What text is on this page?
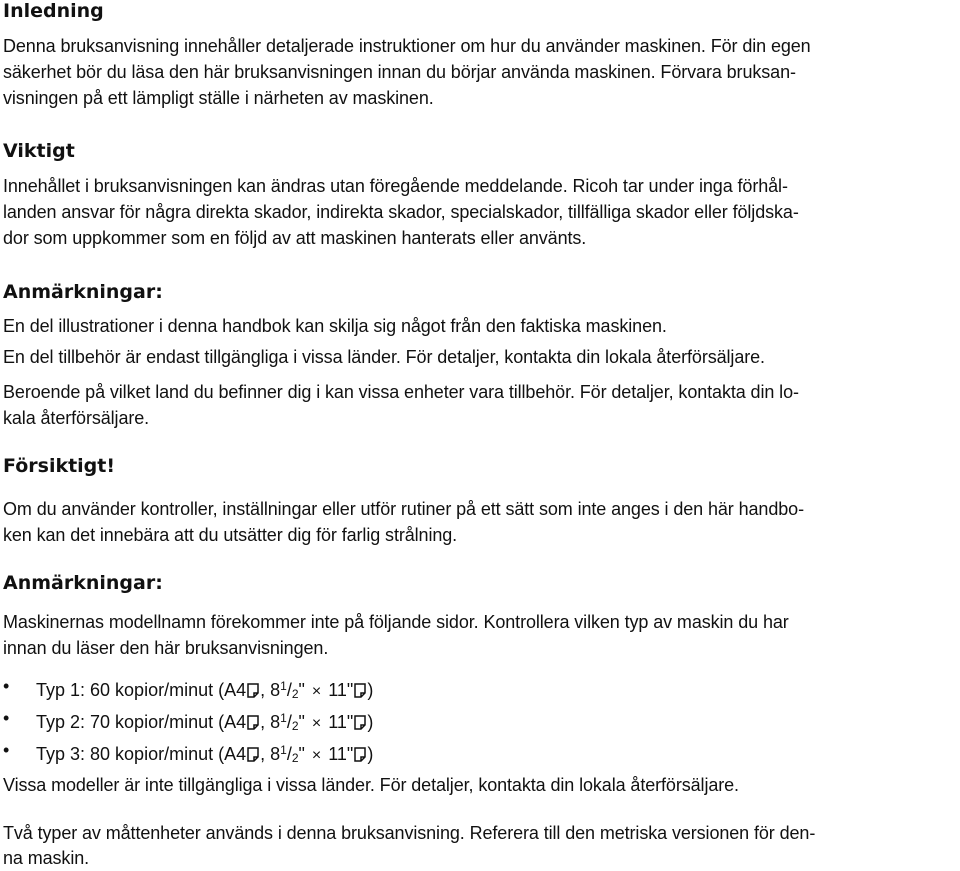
Inledning

Denna bruksanvisning innehåller detaljerade instruktioner om hur du använder maskinen. För din egen

säkerhet bör du läsa den här bruksanvisningen innan du börjar använda maskinen. Förvara bruksan-

visningen på ett lämpligt ställe i närheten av maskinen.

Viktigt

Innehållet i bruksanvisningen kan ändras utan föregående meddelande. Ricoh tar under inga förhål-

landen ansvar för några direkta skador, indirekta skador, specialskador, tillfälliga skador eller följdska-

dor som uppkommer som en följd av att maskinen hanterats eller använts.

Anmärkningar:

En del illustrationer i denna handbok kan skilja sig något från den faktiska maskinen.

En del tillbehör är endast tillgängliga i vissa länder. För detaljer, kontakta din lokala återförsäljare.

Beroende på vilket land du befinner dig i kan vissa enheter vara tillbehör. För detaljer, kontakta din lo-

kala återförsäljare.

Försiktigt!

Om du använder kontroller, inställningar eller utför rutiner på ett sätt som inte anges i den här handbo-

ken kan det innebära att du utsätter dig för farlig strålning.

Anmärkningar:

Maskinernas modellnamn förekommer inte på följande sidor. Kontrollera vilken typ av maskin du har

innan du läser den här bruksanvisningen.

• Typ 1: 60 kopior/minut (A4 , $8^1/_2$" × 11" )
• Typ 2: 70 kopior/minut (A4 , $8^1/_2$" × 11" )
• Typ 3: 80 kopior/minut (A4 , $8^1/_2$" × 11" )

Vissa modeller är inte tillgängliga i vissa länder. För detaljer, kontakta din lokala återförsäljare.

Två typer av måttenheter används i denna bruksanvisning. Referera till den metriska versionen för den-

na maskin.
